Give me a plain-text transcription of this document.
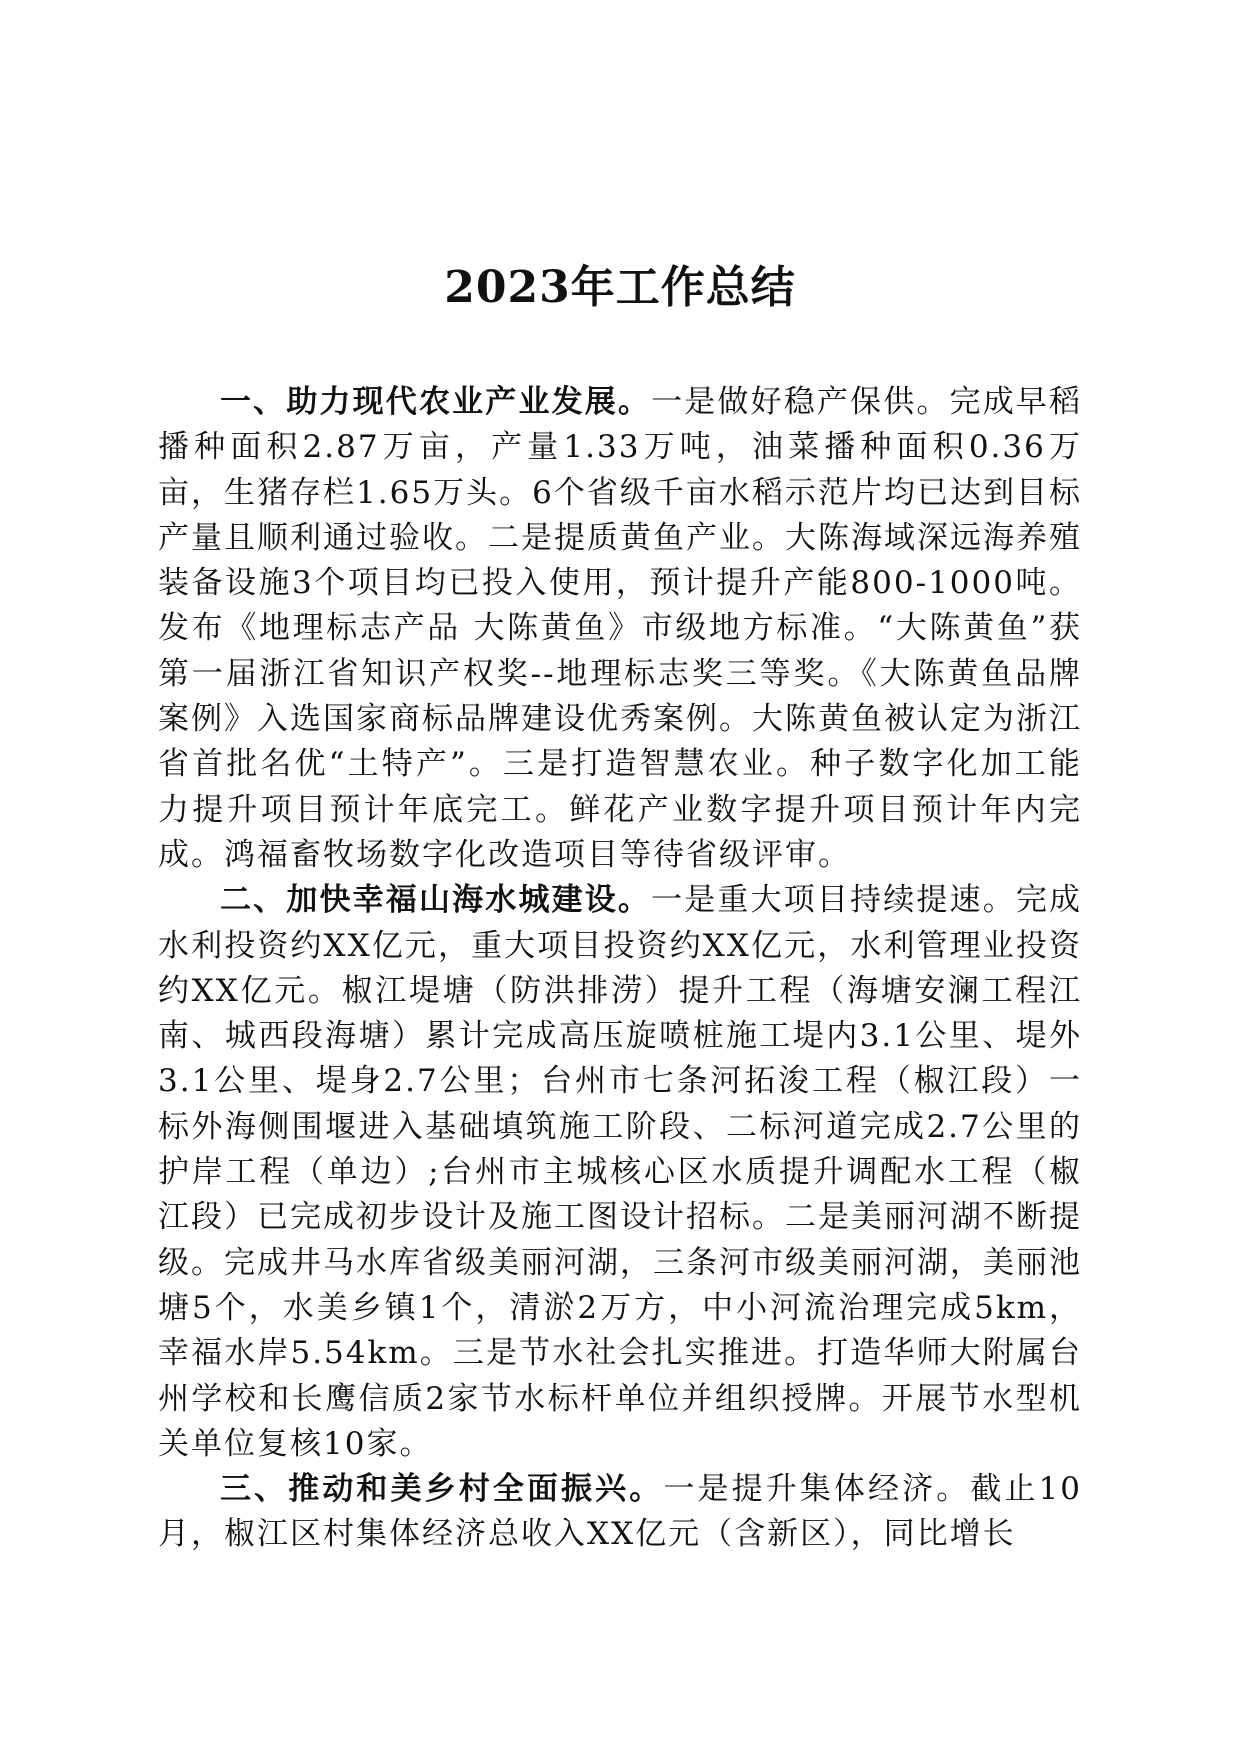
2023年工作总结

一、助力现代农业产业发展。一是做好稳产保供。完成早稻播种面积2.87万亩，产量1.33万吨，油菜播种面积0.36万亩，生猪存栏1.65万头。6个省级千亩水稻示范片均已达到目标产量且顺利通过验收。二是提质黄鱼产业。大陈海域深远海养殖装备设施3个项目均已投入使用，预计提升产能800-1000吨。发布《地理标志产品 大陈黄鱼》市级地方标准。“大陈黄鱼”获第一届浙江省知识产权奖--地理标志奖三等奖。《大陈黄鱼品牌案例》入选国家商标品牌建设优秀案例。大陈黄鱼被认定为浙江省首批名优“土特产”。三是打造智慧农业。种子数字化加工能力提升项目预计年底完工。鲜花产业数字提升项目预计年内完成。鸿福畜牧场数字化改造项目等待省级评审。

二、加快幸福山海水城建设。一是重大项目持续提速。完成水利投资约XX亿元，重大项目投资约XX亿元，水利管理业投资约XX亿元。椒江堤塘（防洪排涝）提升工程（海塘安澜工程江南、城西段海塘）累计完成高压旋喷桩施工堤内3.1公里、堤外3.1公里、堤身2.7公里；台州市七条河拓浚工程（椒江段）一标外海侧围堰进入基础填筑施工阶段、二标河道完成2.7公里的护岸工程（单边）;台州市主城核心区水质提升调配水工程（椒江段）已完成初步设计及施工图设计招标。二是美丽河湖不断提级。完成井马水库省级美丽河湖，三条河市级美丽河湖，美丽池塘5个，水美乡镇1个，清淤2万方，中小河流治理完成5km，幸福水岸5.54km。三是节水社会扎实推进。打造华师大附属台州学校和长鹰信质2家节水标杆单位并组织授牌。开展节水型机关单位复核10家。

三、推动和美乡村全面振兴。一是提升集体经济。截止10月，椒江区村集体经济总收入XX亿元（含新区），同比增长
